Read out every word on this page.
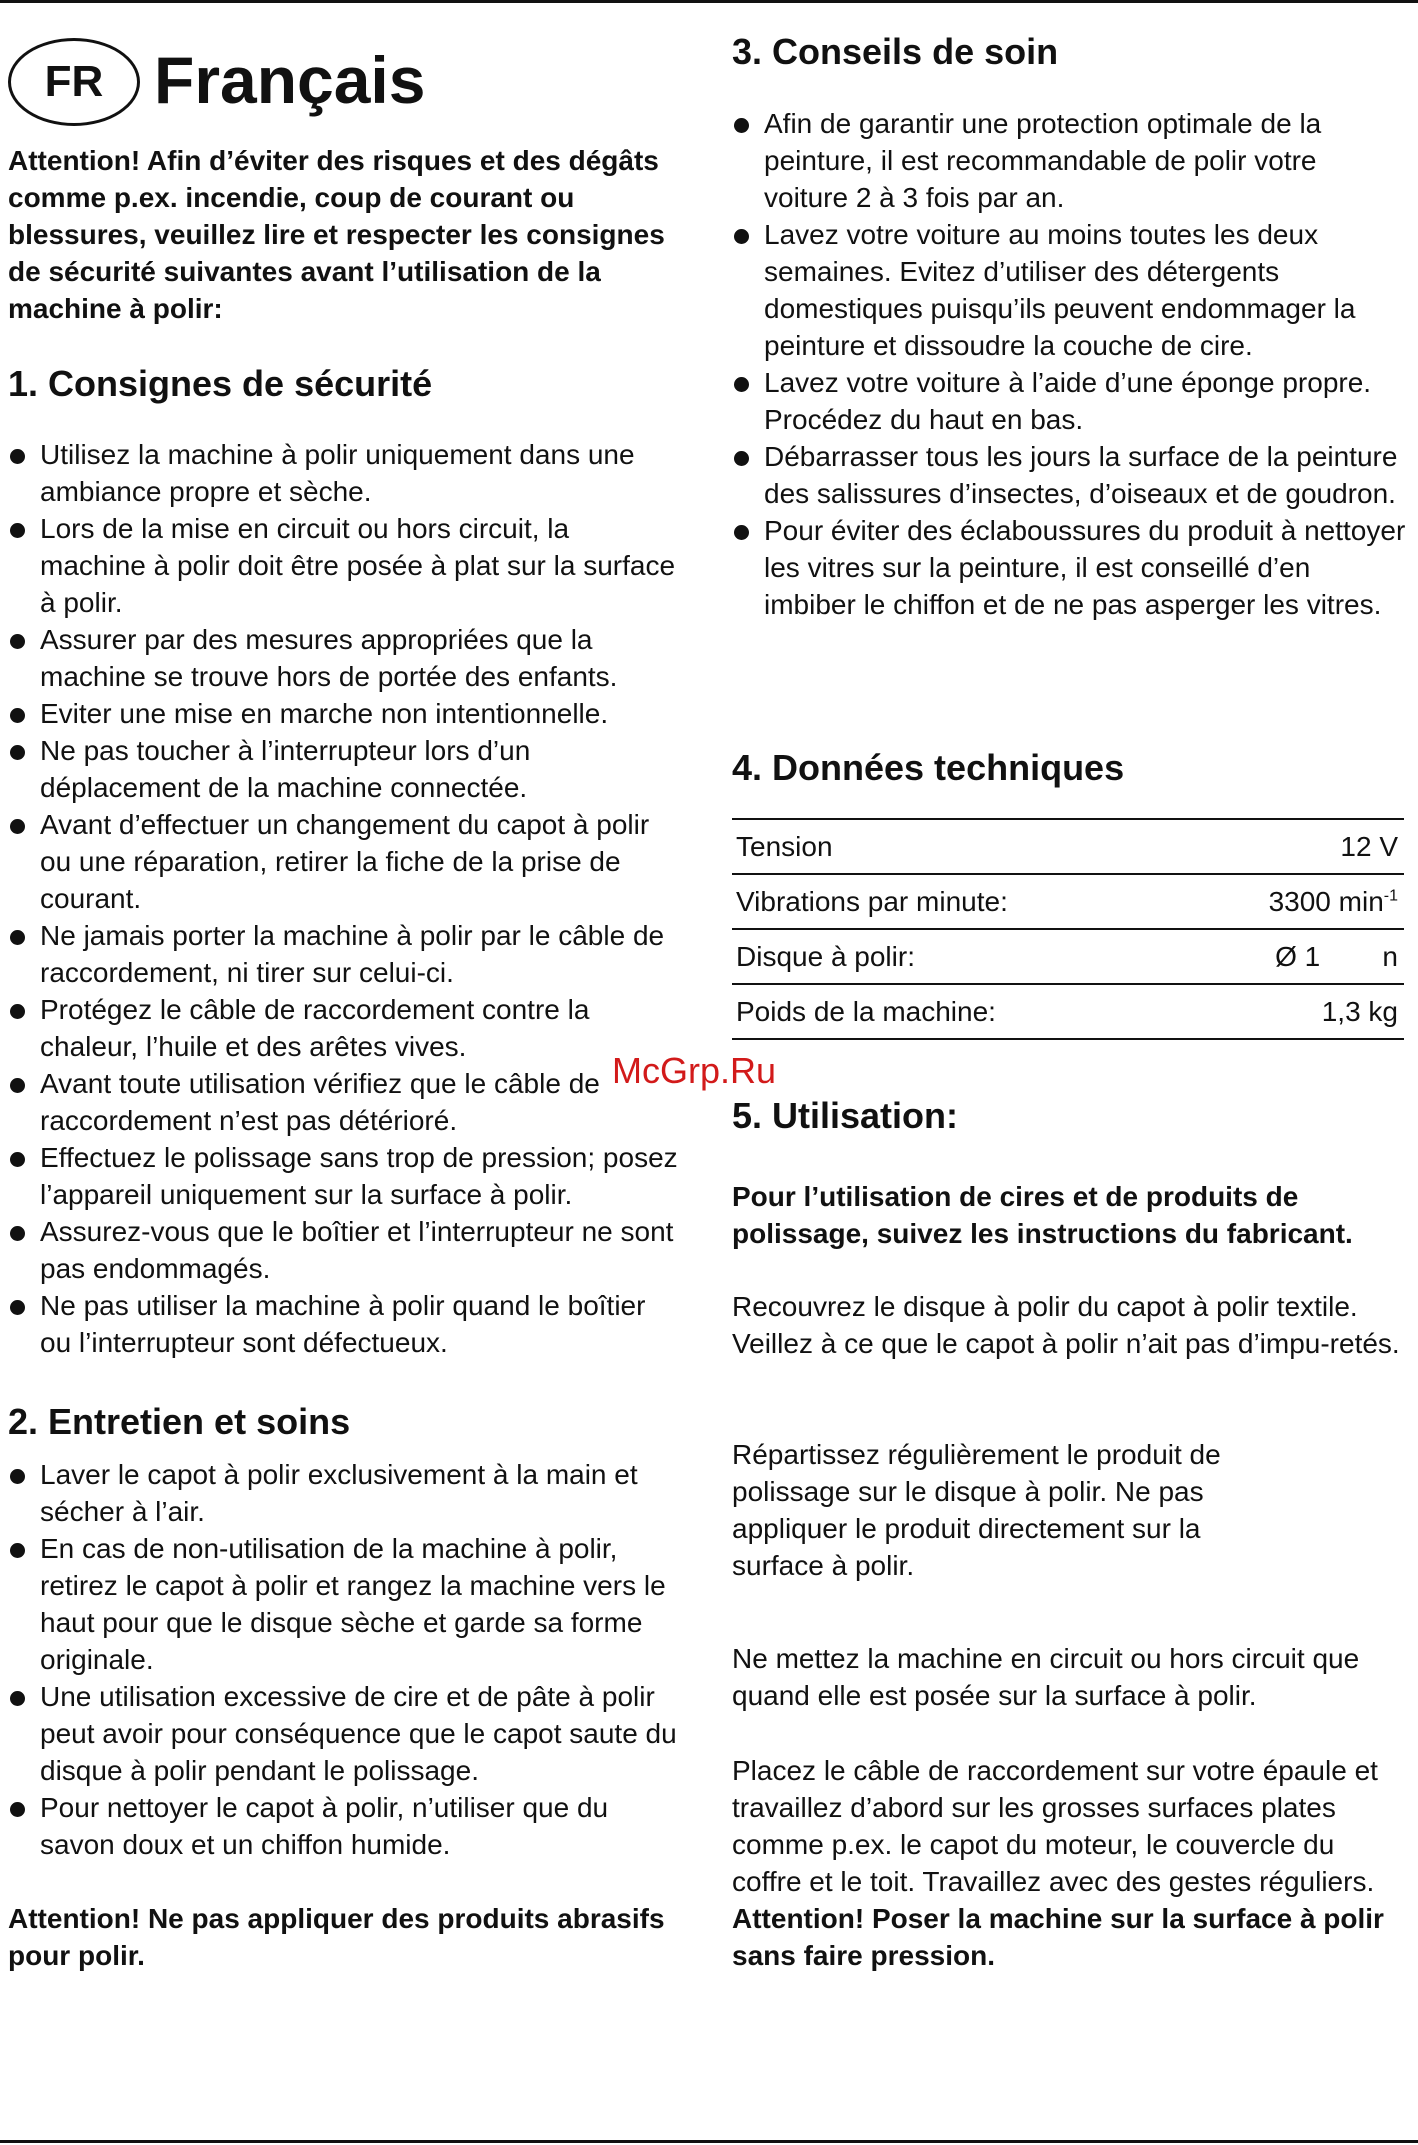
FR Français

Attention! Afin d’éviter des risques et des dégâts comme p.ex. incendie, coup de courant ou blessures, veuillez lire et respecter les consignes de sécurité suivantes avant l’utilisation de la machine à polir:

1. Consignes de sécurité
Utilisez la machine à polir uniquement dans une ambiance propre et sèche.
Lors de la mise en circuit ou hors circuit, la machine à polir doit être posée à plat sur la surface à polir.
Assurer par des mesures appropriées que la machine se trouve hors de portée des enfants.
Eviter une mise en marche non intentionnelle.
Ne pas toucher à l’interrupteur lors d’un déplacement de la machine connectée.
Avant d’effectuer un changement du capot à polir ou une réparation, retirer la fiche de la prise de courant.
Ne jamais porter la machine à polir par le câble de raccordement, ni tirer sur celui-ci.
Protégez le câble de raccordement contre la chaleur, l’huile et des arêtes vives.
Avant toute utilisation vérifiez que le câble de raccordement n’est pas détérioré.
Effectuez le polissage sans trop de pression; posez l’appareil uniquement sur la surface à polir.
Assurez-vous que le boîtier et l’interrupteur ne sont pas endommagés.
Ne pas utiliser la machine à polir quand le boîtier ou l’interrupteur sont défectueux.
2. Entretien et soins
Laver le capot à polir exclusivement à la main et sécher à l’air.
En cas de non-utilisation de la machine à polir, retirez le capot à polir et rangez la machine vers le haut pour que le disque sèche et garde sa forme originale.
Une utilisation excessive de cire et de pâte à polir peut avoir pour conséquence que le capot saute du disque à polir pendant le polissage.
Pour nettoyer le capot à polir, n’utiliser que du savon doux et un chiffon humide.

Attention! Ne pas appliquer des produits abrasifs pour polir.

3. Conseils de soin
Afin de garantir une protection optimale de la peinture, il est recommandable de polir votre voiture 2 à 3 fois par an.
Lavez votre voiture au moins toutes les deux semaines. Evitez d’utiliser des détergents domestiques puisqu’ils peuvent endommager la peinture et dissoudre la couche de cire.
Lavez votre voiture à l’aide d’une éponge propre. Procédez du haut en bas.
Débarrasser tous les jours la surface de la peinture des salissures d’insectes, d’oiseaux et de goudron.
Pour éviter des éclaboussures du produit à nettoyer les vitres sur la peinture, il est conseillé d’en imbiber le chiffon et de ne pas asperger les vitres.
4. Données techniques
Tension	12 V
Vibrations par minute:	3300 $\min^{-1}$
Disque à polir:	Ø 1        n
Poids de la machine:	1,3 kg
5. Utilisation:

Pour l’utilisation de cires et de produits de polissage, suivez les instructions du fabricant.

Recouvrez le disque à polir du capot à polir textile. Veillez à ce que le capot à polir n’ait pas d’impu-retés.

Répartissez régulièrement le produit de polissage sur le disque à polir. Ne pas appliquer le produit directement sur la surface à polir.

Ne mettez la machine en circuit ou hors circuit que quand elle est posée sur la surface à polir.

Placez le câble de raccordement sur votre épaule et travaillez d’abord sur les grosses surfaces plates comme p.ex. le capot du moteur, le couvercle du coffre et le toit. Travaillez avec des gestes réguliers.

Attention! Poser la machine sur la surface à polir sans faire pression.

McGrp.Ru
